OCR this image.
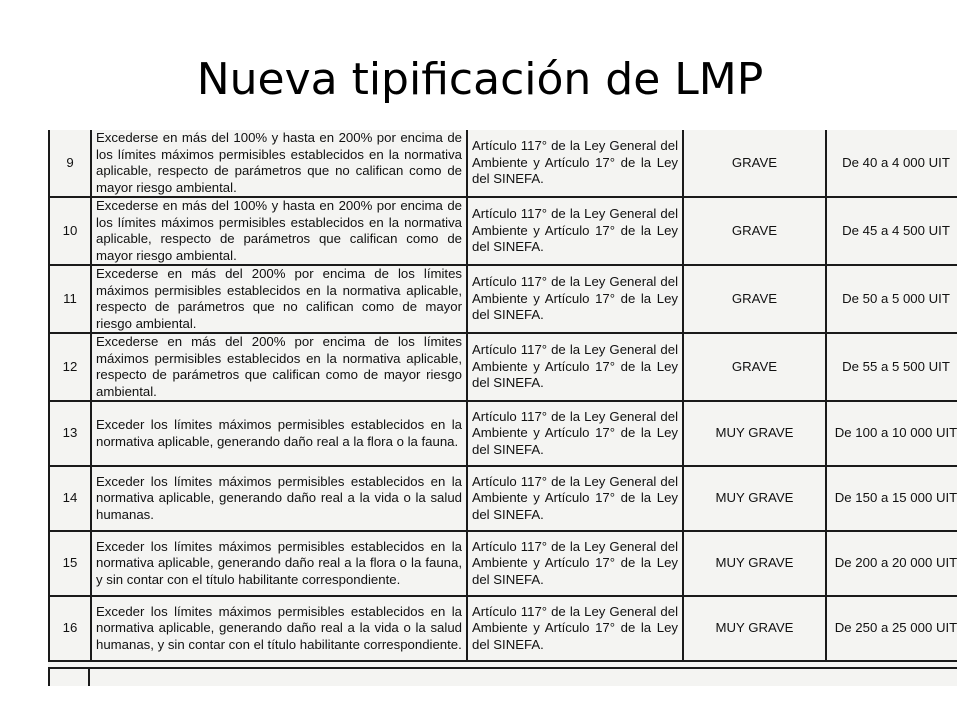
Nueva tipificación de LMP
9	Excederse en más del 100% y hasta en 200% por encima de los límites máximos permisibles establecidos en la normativa aplicable, respecto de parámetros que no califican como de mayor riesgo ambiental.	Artículo 117° de la Ley General del Ambiente y Artículo 17° de la Ley del SINEFA.	GRAVE	De 40 a 4 000 UIT
10	Excederse en más del 100% y hasta en 200% por encima de los límites máximos permisibles establecidos en la normativa aplicable, respecto de parámetros que califican como de mayor riesgo ambiental.	Artículo 117° de la Ley General del Ambiente y Artículo 17° de la Ley del SINEFA.	GRAVE	De 45 a 4 500 UIT
11	Excederse en más del 200% por encima de los límites máximos permisibles establecidos en la normativa aplicable, respecto de parámetros que no califican como de mayor riesgo ambiental.	Artículo 117° de la Ley General del Ambiente y Artículo 17° de la Ley del SINEFA.	GRAVE	De 50 a 5 000 UIT
12	Excederse en más del 200% por encima de los límites máximos permisibles establecidos en la normativa aplicable, respecto de parámetros que califican como de mayor riesgo ambiental.	Artículo 117° de la Ley General del Ambiente y Artículo 17° de la Ley del SINEFA.	GRAVE	De 55 a 5 500 UIT
13	Exceder los límites máximos permisibles establecidos en la normativa aplicable, generando daño real a la flora o la fauna.	Artículo 117° de la Ley General del Ambiente y Artículo 17° de la Ley del SINEFA.	MUY GRAVE	De 100 a 10 000 UIT
14	Exceder los límites máximos permisibles establecidos en la normativa aplicable, generando daño real a la vida o la salud humanas.	Artículo 117° de la Ley General del Ambiente y Artículo 17° de la Ley del SINEFA.	MUY GRAVE	De 150 a 15 000 UIT
15	Exceder los límites máximos permisibles establecidos en la normativa aplicable, generando daño real a la flora o la fauna, y sin contar con el título habilitante correspondiente.	Artículo 117° de la Ley General del Ambiente y Artículo 17° de la Ley del SINEFA.	MUY GRAVE	De 200 a 20 000 UIT
16	Exceder los límites máximos permisibles establecidos en la normativa aplicable, generando daño real a la vida o la salud humanas, y sin contar con el título habilitante correspondiente.	Artículo 117° de la Ley General del Ambiente y Artículo 17° de la Ley del SINEFA.	MUY GRAVE	De 250 a 25 000 UIT
